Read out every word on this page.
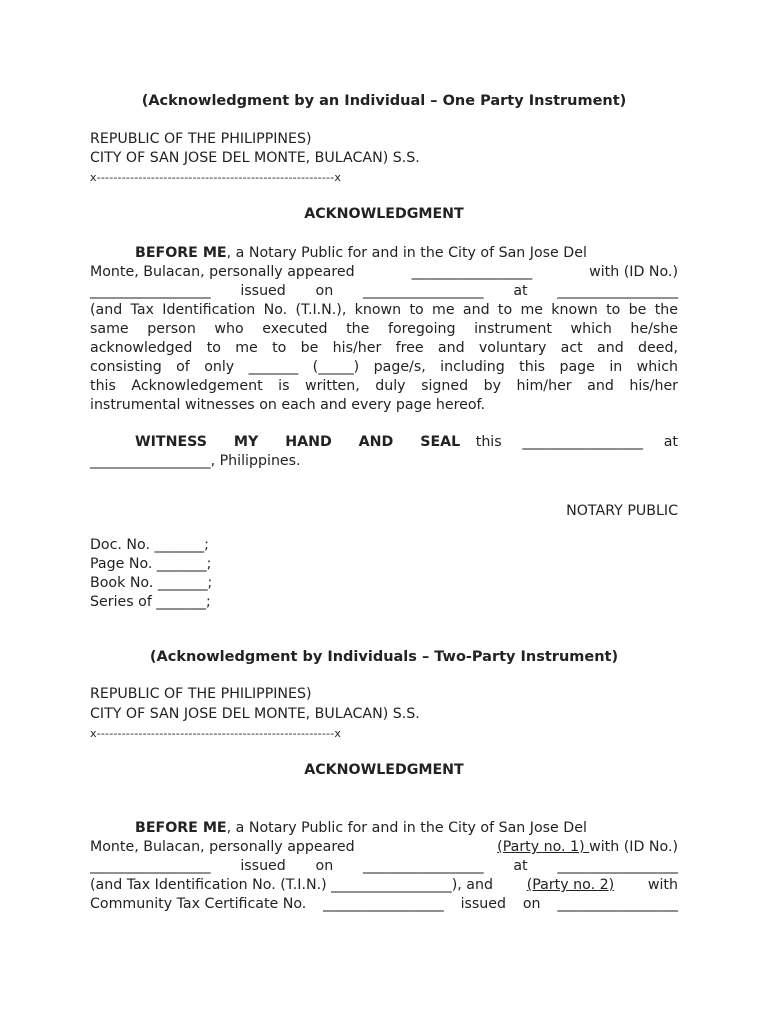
(Acknowledgment by an Individual – One Party Instrument)
REPUBLIC OF THE PHILIPPINES)
CITY OF SAN JOSE DEL MONTE, BULACAN) S.S.
x---------------------------------------------------------x
ACKNOWLEDGMENT
BEFORE ME, a Notary Public for and in the City of San Jose Del
Monte, Bulacan, personally appeared	_________________	with (ID No.)
_________________ issued on _________________ at _________________
(and Tax Identification No. (T.I.N.), known to me and to me known to be the
same person who executed the foregoing instrument which he/she
acknowledged to me to be his/her free and voluntary act and deed,
consisting of only _______ (_____) page/s, including this page in which
this Acknowledgement is written, duly signed by him/her and his/her
instrumental witnesses on each and every page hereof.
WITNESS MY HAND AND SEAL this _________________ at
_________________, Philippines.
NOTARY PUBLIC
Doc. No. _______;
Page No. _______;
Book No. _______;
Series of _______;
(Acknowledgment by Individuals – Two-Party Instrument)
REPUBLIC OF THE PHILIPPINES)
CITY OF SAN JOSE DEL MONTE, BULACAN) S.S.
x---------------------------------------------------------x
ACKNOWLEDGMENT
BEFORE ME, a Notary Public for and in the City of San Jose Del
Monte, Bulacan, personally appeared	(Party no. 1) with (ID No.)
_________________ issued on _________________ at _________________
(and Tax Identification No. (T.I.N.) _________________), and (Party no. 2) with
Community Tax Certificate No. _________________ issued on _________________
